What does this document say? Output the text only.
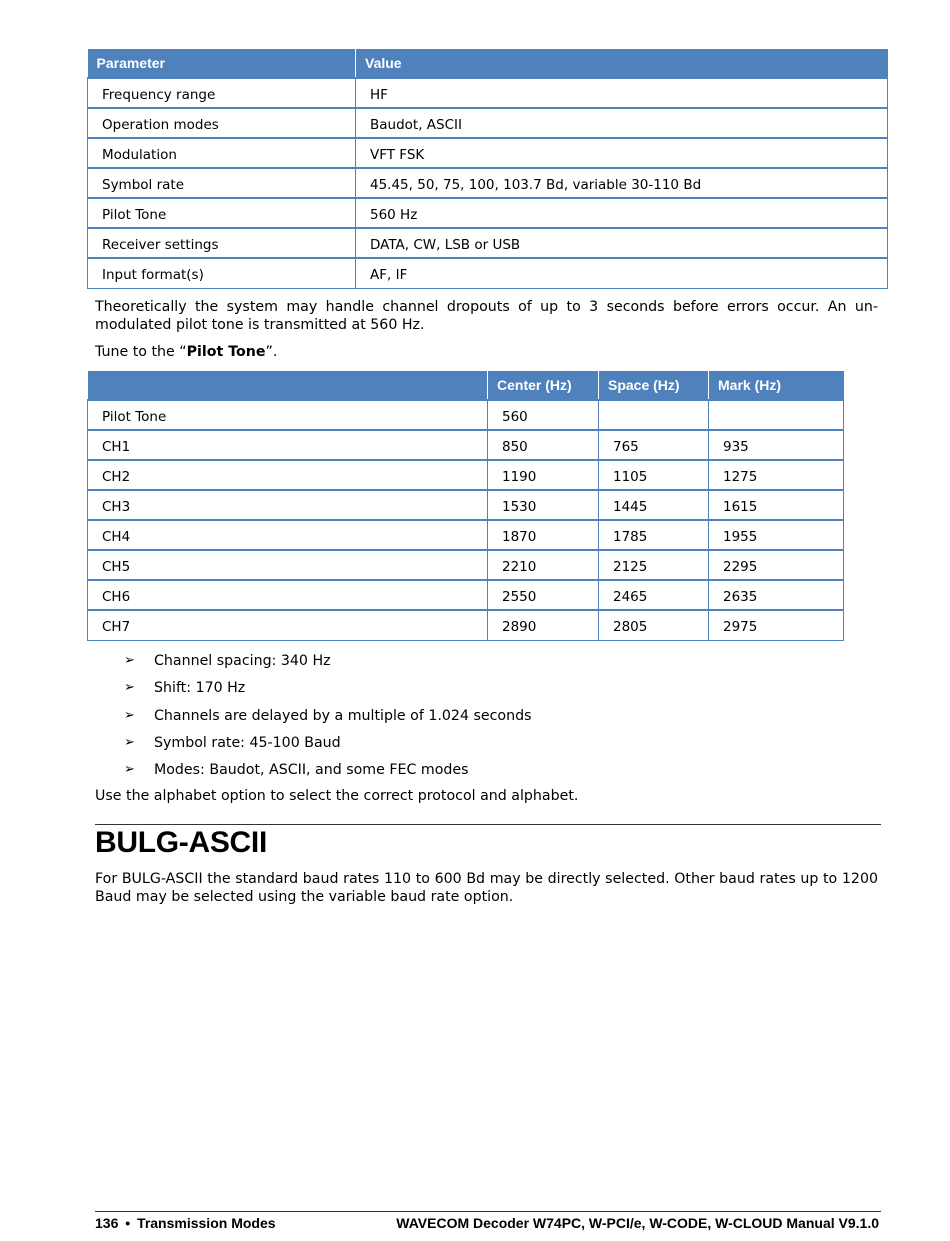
Parameter	Value
Frequency range	HF
Operation modes	Baudot, ASCII
Modulation	VFT FSK
Symbol rate	45.45, 50, 75, 100, 103.7 Bd, variable 30-110 Bd
Pilot Tone	560 Hz
Receiver settings	DATA, CW, LSB or USB
Input format(s)	AF, IF

Theoretically the system may handle channel dropouts of up to 3 seconds before errors occur. An un-modulated pilot tone is transmitted at 560 Hz.

Tune to the “Pilot Tone”.

	Center (Hz)	Space (Hz)	Mark (Hz)
Pilot Tone	560		
CH1	850	765	935
CH2	1190	1105	1275
CH3	1530	1445	1615
CH4	1870	1785	1955
CH5	2210	2125	2295
CH6	2550	2465	2635
CH7	2890	2805	2975
➢ Channel spacing: 340 Hz
➢ Shift: 170 Hz
➢ Channels are delayed by a multiple of 1.024 seconds
➢ Symbol rate: 45-100 Baud
➢ Modes: Baudot, ASCII, and some FEC modes

Use the alphabet option to select the correct protocol and alphabet.

BULG-ASCII

For BULG-ASCII the standard baud rates 110 to 600 Bd may be directly selected. Other baud rates up to 1200 Baud may be selected using the variable baud rate option.

136 • Transmission Modes	WAVECOM Decoder W74PC, W-PCI/e, W-CODE, W-CLOUD Manual V9.1.0
